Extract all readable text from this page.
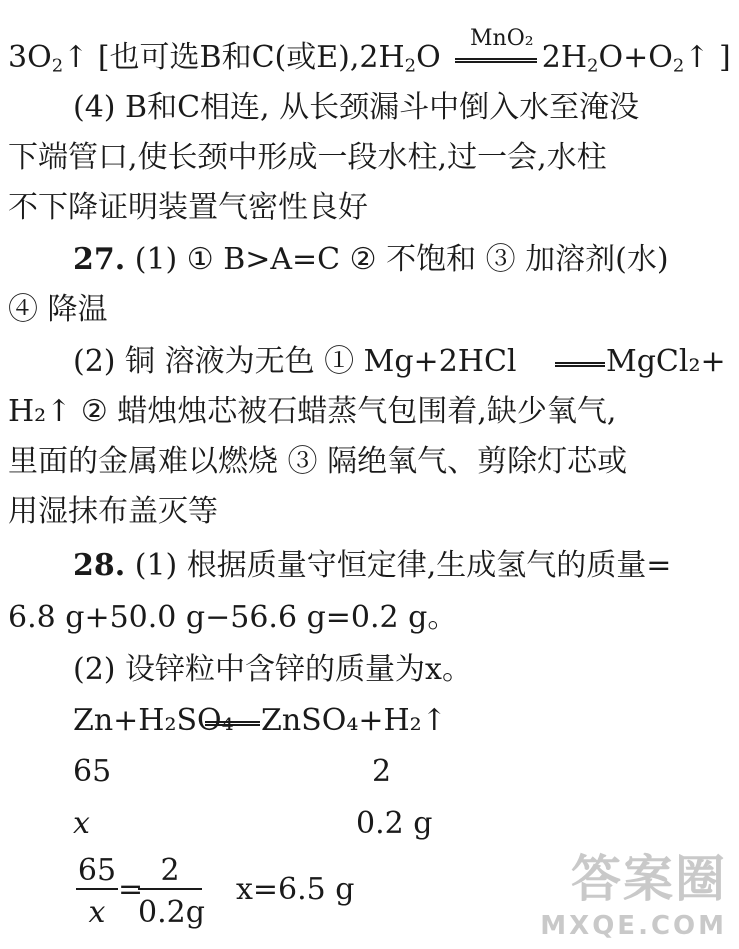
$3O_2↑$ [也可选B和C(或$E),2H_2O$	$2H_2O+O_2↑$ ]
MnO₂
(4) B和C相连, 从长颈漏斗中倒入水至淹没
下端管口,使长颈中形成一段水柱,过一会,水柱
不下降证明装置气密性良好
27. (1) ① B>A=C ② 不饱和 ③ 加溶剂(水)
④ 降温
(2) 铜 溶液为无色 ① Mg+2HCl	MgCl₂+
H₂↑ ② 蜡烛烛芯被石蜡蒸气包围着,缺少氧气,
里面的金属难以燃烧 ③ 隔绝氧气、剪除灯芯或
用湿抹布盖灭等
28. (1) 根据质量守恒定律,生成氢气的质量=
6.8 g+50.0 g−56.6 g=0.2 g。
(2) 设锌粒中含锌的质量为x。
Zn+H₂SO₄ ZnSO₄+H₂↑
65	2
x	0.2 g
65
x
=
2
0.2g
x=6.5 g	答案圈
MXQE.COM
